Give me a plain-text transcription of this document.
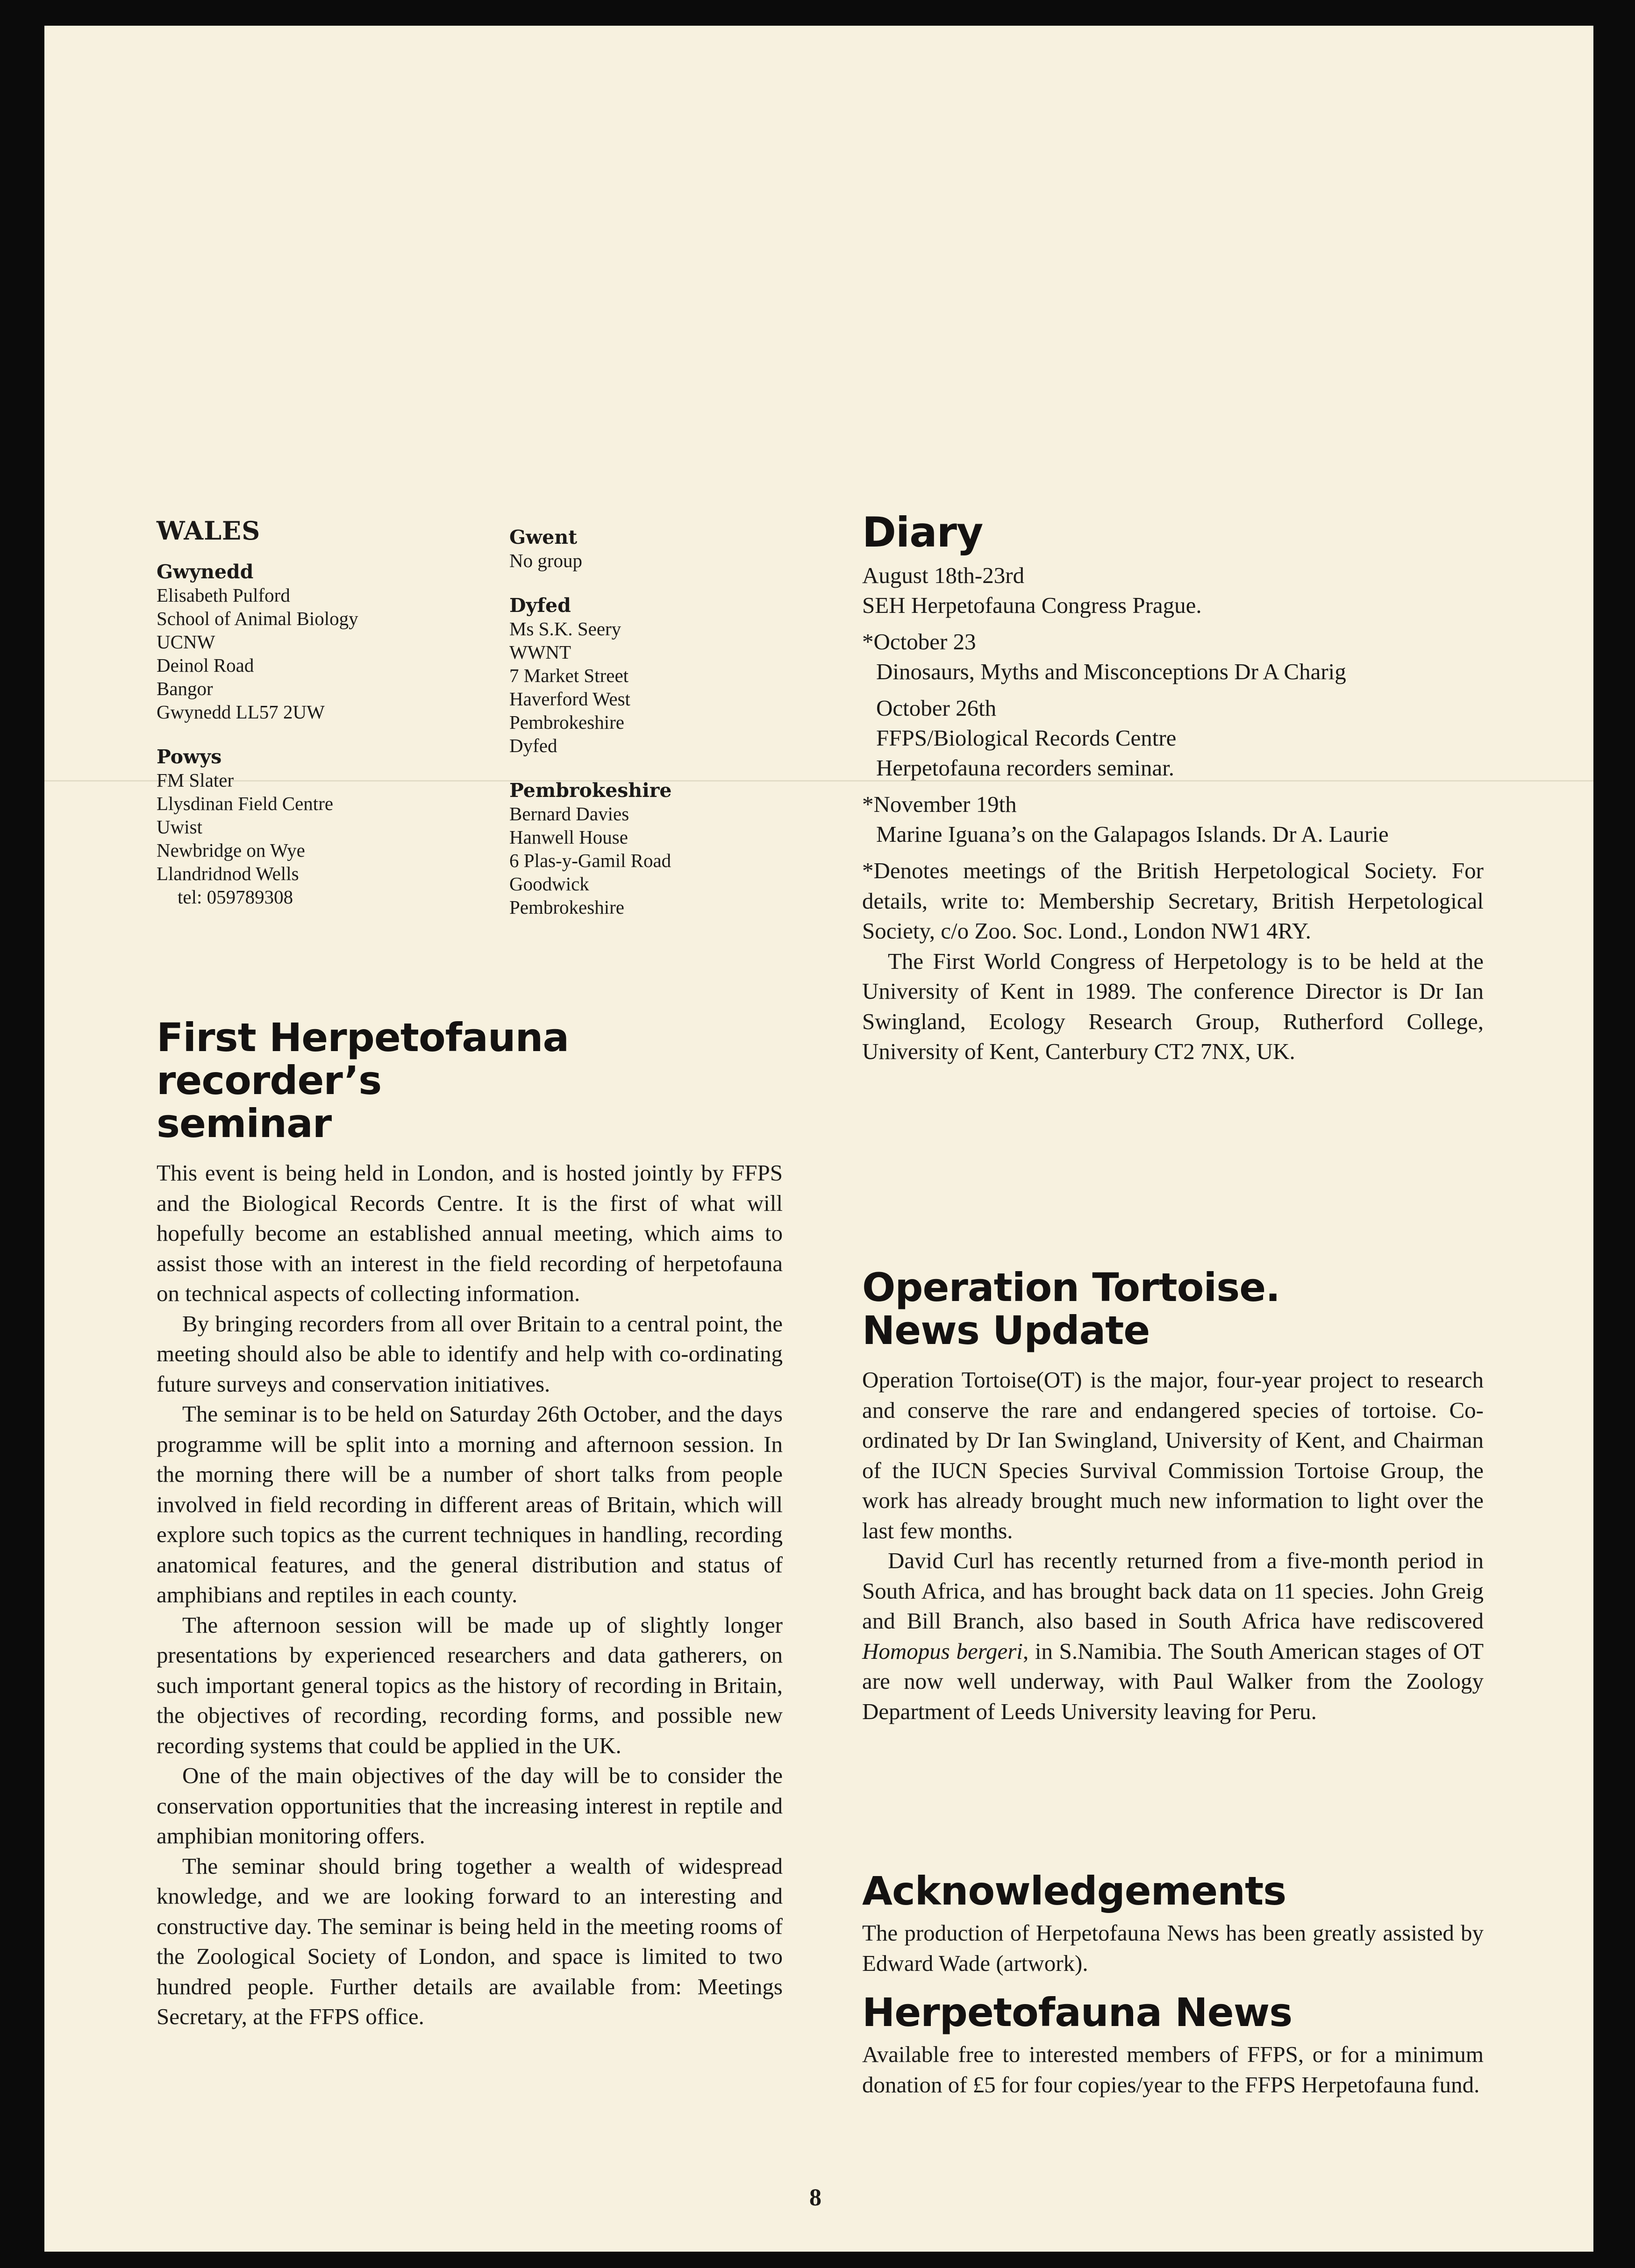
WALES
Gwynedd
Elisabeth Pulford
School of Animal Biology
UCNW
Deinol Road
Bangor
Gwynedd LL57 2UW
Powys
FM Slater
Llysdinan Field Centre
Uwist
Newbridge on Wye
Llandridnod Wells
tel: 059789308
Gwent
No group
Dyfed
Ms S.K. Seery
WWNT
7 Market Street
Haverford West
Pembrokeshire
Dyfed
Pembrokeshire
Bernard Davies
Hanwell House
6 Plas-y-Gamil Road
Goodwick
Pembrokeshire
First Herpetofauna recorder’s
seminar

This event is being held in London, and is hosted jointly by FFPS and the Biological Records Centre. It is the first of what will hopefully become an established annual meeting, which aims to assist those with an interest in the field recording of herpetofauna on technical aspects of collecting information.

By bringing recorders from all over Britain to a central point, the meeting should also be able to identify and help with co-ordinating future surveys and conservation initiatives.

The seminar is to be held on Saturday 26th October, and the days programme will be split into a morning and afternoon session. In the morning there will be a number of short talks from people involved in field recording in different areas of Britain, which will explore such topics as the current techniques in handling, recording anatomical features, and the general distribution and status of amphibians and reptiles in each county.

The afternoon session will be made up of slightly longer presentations by experienced researchers and data gatherers, on such important general topics as the history of recording in Britain, the objectives of recording, recording forms, and possible new recording systems that could be applied in the UK.

One of the main objectives of the day will be to consider the conservation opportunities that the increasing interest in reptile and amphibian monitoring offers.

The seminar should bring together a wealth of widespread knowledge, and we are looking forward to an interesting and constructive day. The seminar is being held in the meeting rooms of the Zoological Society of London, and space is limited to two hundred people. Further details are available from: Meetings Secretary, at the FFPS office.

Diary
August 18th-23rd
SEH Herpetofauna Congress Prague.
*October 23
Dinosaurs, Myths and Misconceptions Dr A Charig
October 26th
FFPS/Biological Records Centre
Herpetofauna recorders seminar.
*November 19th
Marine Iguana’s on the Galapagos Islands. Dr A. Laurie

*Denotes meetings of the British Herpetological Society. For details, write to: Membership Secretary, British Herpetological Society, c/o Zoo. Soc. Lond., London NW1 4RY.

The First World Congress of Herpetology is to be held at the University of Kent in 1989. The conference Director is Dr Ian Swingland, Ecology Research Group, Rutherford College, University of Kent, Canterbury CT2 7NX, UK.

Operation Tortoise.
News Update

Operation Tortoise(OT) is the major, four-year project to research and conserve the rare and endangered species of tortoise. Co-ordinated by Dr Ian Swingland, University of Kent, and Chairman of the IUCN Species Survival Commission Tortoise Group, the work has already brought much new information to light over the last few months.

David Curl has recently returned from a five-month period in South Africa, and has brought back data on 11 species. John Greig and Bill Branch, also based in South Africa have rediscovered Homopus bergeri, in S.Namibia. The South American stages of OT are now well underway, with Paul Walker from the Zoology Department of Leeds University leaving for Peru.

Acknowledgements

The production of Herpetofauna News has been greatly assisted by Edward Wade (artwork).

Herpetofauna News

Available free to interested members of FFPS, or for a minimum donation of £5 for four copies/year to the FFPS Herpetofauna fund.

8
